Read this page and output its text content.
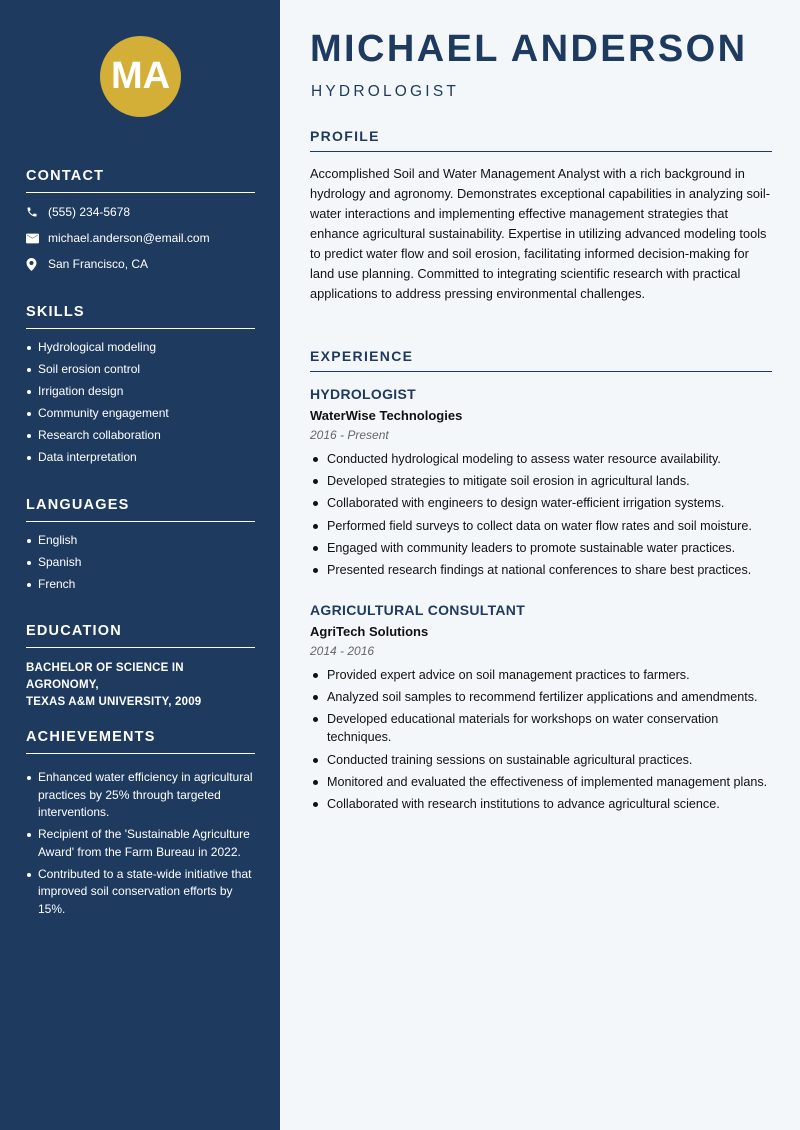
MA
CONTACT
(555) 234-5678
michael.anderson@email.com
San Francisco, CA
SKILLS
Hydrological modeling
Soil erosion control
Irrigation design
Community engagement
Research collaboration
Data interpretation
LANGUAGES
English
Spanish
French
EDUCATION
BACHELOR OF SCIENCE IN AGRONOMY,
TEXAS A&M UNIVERSITY, 2009
ACHIEVEMENTS
Enhanced water efficiency in agricultural practices by 25% through targeted interventions.
Recipient of the 'Sustainable Agriculture Award' from the Farm Bureau in 2022.
Contributed to a state-wide initiative that improved soil conservation efforts by 15%.
MICHAEL ANDERSON
HYDROLOGIST
PROFILE
Accomplished Soil and Water Management Analyst with a rich background in hydrology and agronomy. Demonstrates exceptional capabilities in analyzing soil-water interactions and implementing effective management strategies that enhance agricultural sustainability. Expertise in utilizing advanced modeling tools to predict water flow and soil erosion, facilitating informed decision-making for land use planning. Committed to integrating scientific research with practical applications to address pressing environmental challenges.
EXPERIENCE
HYDROLOGIST
WaterWise Technologies
2016 - Present
Conducted hydrological modeling to assess water resource availability.
Developed strategies to mitigate soil erosion in agricultural lands.
Collaborated with engineers to design water-efficient irrigation systems.
Performed field surveys to collect data on water flow rates and soil moisture.
Engaged with community leaders to promote sustainable water practices.
Presented research findings at national conferences to share best practices.
AGRICULTURAL CONSULTANT
AgriTech Solutions
2014 - 2016
Provided expert advice on soil management practices to farmers.
Analyzed soil samples to recommend fertilizer applications and amendments.
Developed educational materials for workshops on water conservation techniques.
Conducted training sessions on sustainable agricultural practices.
Monitored and evaluated the effectiveness of implemented management plans.
Collaborated with research institutions to advance agricultural science.
